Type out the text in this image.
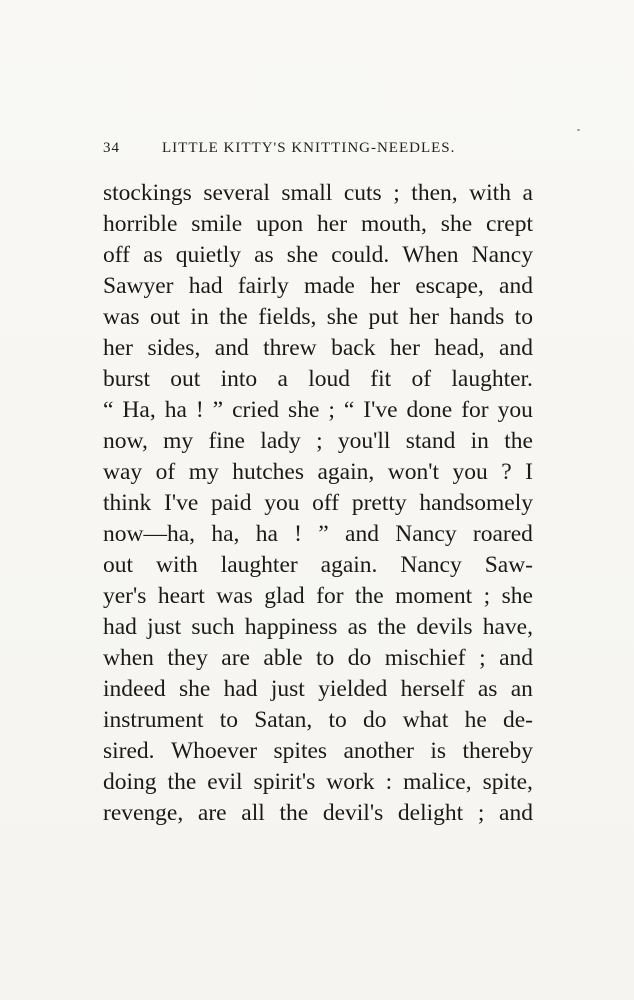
34	LITTLE KITTY'S KNITTING-NEEDLES.
stockings several small cuts ; then, with a
horrible smile upon her mouth, she crept
off as quietly as she could. When Nancy
Sawyer had fairly made her escape, and
was out in the fields, she put her hands to
her sides, and threw back her head, and
burst out into a loud fit of laughter.
“ Ha, ha ! ” cried she ; “ I've done for you
now, my fine lady ; you'll stand in the
way of my hutches again, won't you ? I
think I've paid you off pretty handsomely
now—ha, ha, ha ! ” and Nancy roared
out with laughter again. Nancy Saw-
yer's heart was glad for the moment ; she
had just such happiness as the devils have,
when they are able to do mischief ; and
indeed she had just yielded herself as an
instrument to Satan, to do what he de-
sired. Whoever spites another is thereby
doing the evil spirit's work : malice, spite,
revenge, are all the devil's delight ; and
